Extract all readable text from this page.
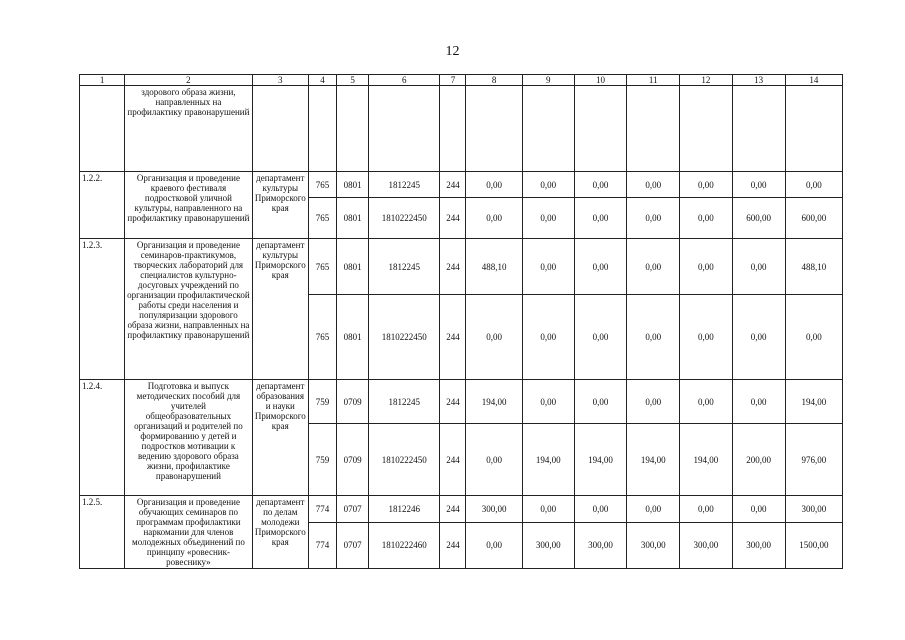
12
1	2	3	4	5	6	7	8	9	10	11	12	13	14
	здорового образа жизни, направленных на профилактику правонарушений												
1.2.2.	Организация и проведение краевого фестиваля подростковой уличной культуры, направленного на профилактику правонарушений	департамент культуры Приморского края	765	0801	1812245	244	0,00	0,00	0,00	0,00	0,00	0,00	0,00
			765	0801	1810222450	244	0,00	0,00	0,00	0,00	0,00	600,00	600,00
1.2.3.	Организация и проведение семинаров-практикумов, творческих лабораторий для специалистов культурно-досуговых учреждений по организации профилактической работы среди населения и популяризации здорового образа жизни, направленных на профилактику правонарушений	департамент культуры Приморского края	765	0801	1812245	244	488,10	0,00	0,00	0,00	0,00	0,00	488,10
			765	0801	1810222450	244	0,00	0,00	0,00	0,00	0,00	0,00	0,00
1.2.4.	Подготовка и выпуск методических пособий для учителей общеобразовательных организаций и родителей по формированию у детей и подростков мотивации к ведению здорового образа жизни, профилактике правонарушений	департамент образования и науки Приморского края	759	0709	1812245	244	194,00	0,00	0,00	0,00	0,00	0,00	194,00
			759	0709	1810222450	244	0,00	194,00	194,00	194,00	194,00	200,00	976,00
1.2.5.	Организация и проведение обучающих семинаров по программам профилактики наркомании для членов молодежных объединений по принципу «ровесник-ровеснику»	департамент по делам молодежи Приморского края	774	0707	1812246	244	300,00	0,00	0,00	0,00	0,00	0,00	300,00
			774	0707	1810222460	244	0,00	300,00	300,00	300,00	300,00	300,00	1500,00
